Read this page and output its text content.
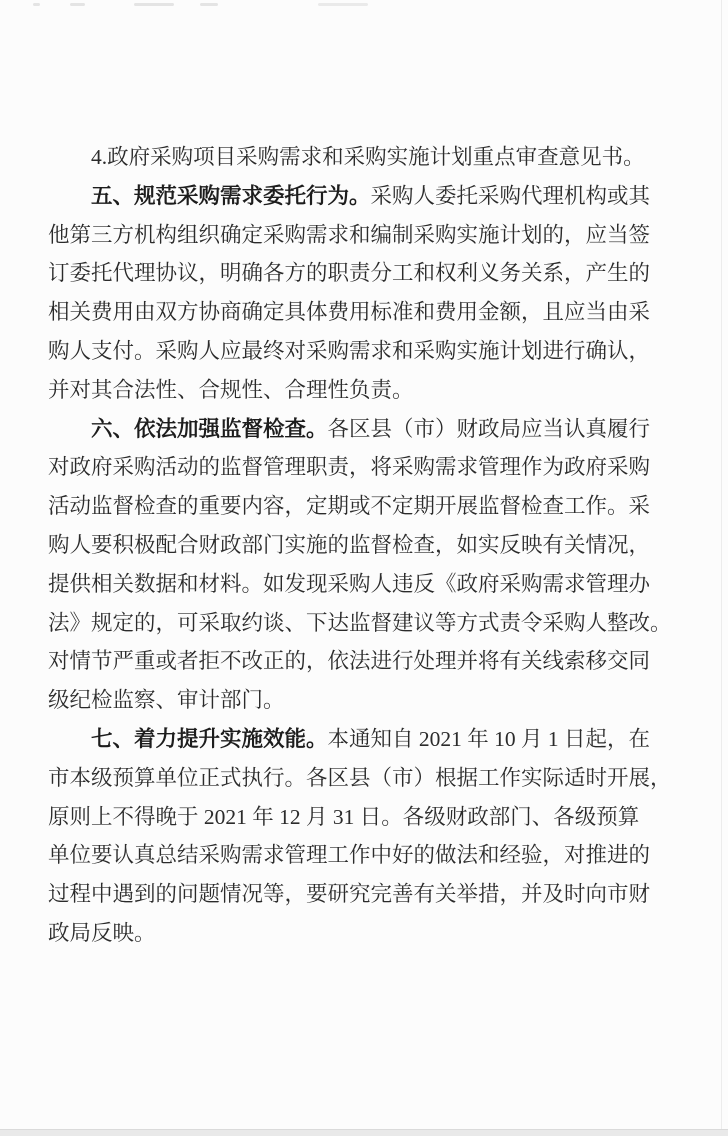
4.政府采购项目采购需求和采购实施计划重点审查意见书。
五、规范采购需求委托行为。采购人委托采购代理机构或其
他第三方机构组织确定采购需求和编制采购实施计划的，应当签
订委托代理协议，明确各方的职责分工和权利义务关系，产生的
相关费用由双方协商确定具体费用标准和费用金额，且应当由采
购人支付。采购人应最终对采购需求和采购实施计划进行确认，
并对其合法性、合规性、合理性负责。
六、依法加强监督检查。各区县（市）财政局应当认真履行
对政府采购活动的监督管理职责，将采购需求管理作为政府采购
活动监督检查的重要内容，定期或不定期开展监督检查工作。采
购人要积极配合财政部门实施的监督检查，如实反映有关情况，
提供相关数据和材料。如发现采购人违反《政府采购需求管理办
法》规定的，可采取约谈、下达监督建议等方式责令采购人整改。
对情节严重或者拒不改正的，依法进行处理并将有关线索移交同
级纪检监察、审计部门。
七、着力提升实施效能。本通知自 2021 年 10 月 1 日起，在
市本级预算单位正式执行。各区县（市）根据工作实际适时开展，
原则上不得晚于 2021 年 12 月 31 日。各级财政部门、各级预算
单位要认真总结采购需求管理工作中好的做法和经验，对推进的
过程中遇到的问题情况等，要研究完善有关举措，并及时向市财
政局反映。
